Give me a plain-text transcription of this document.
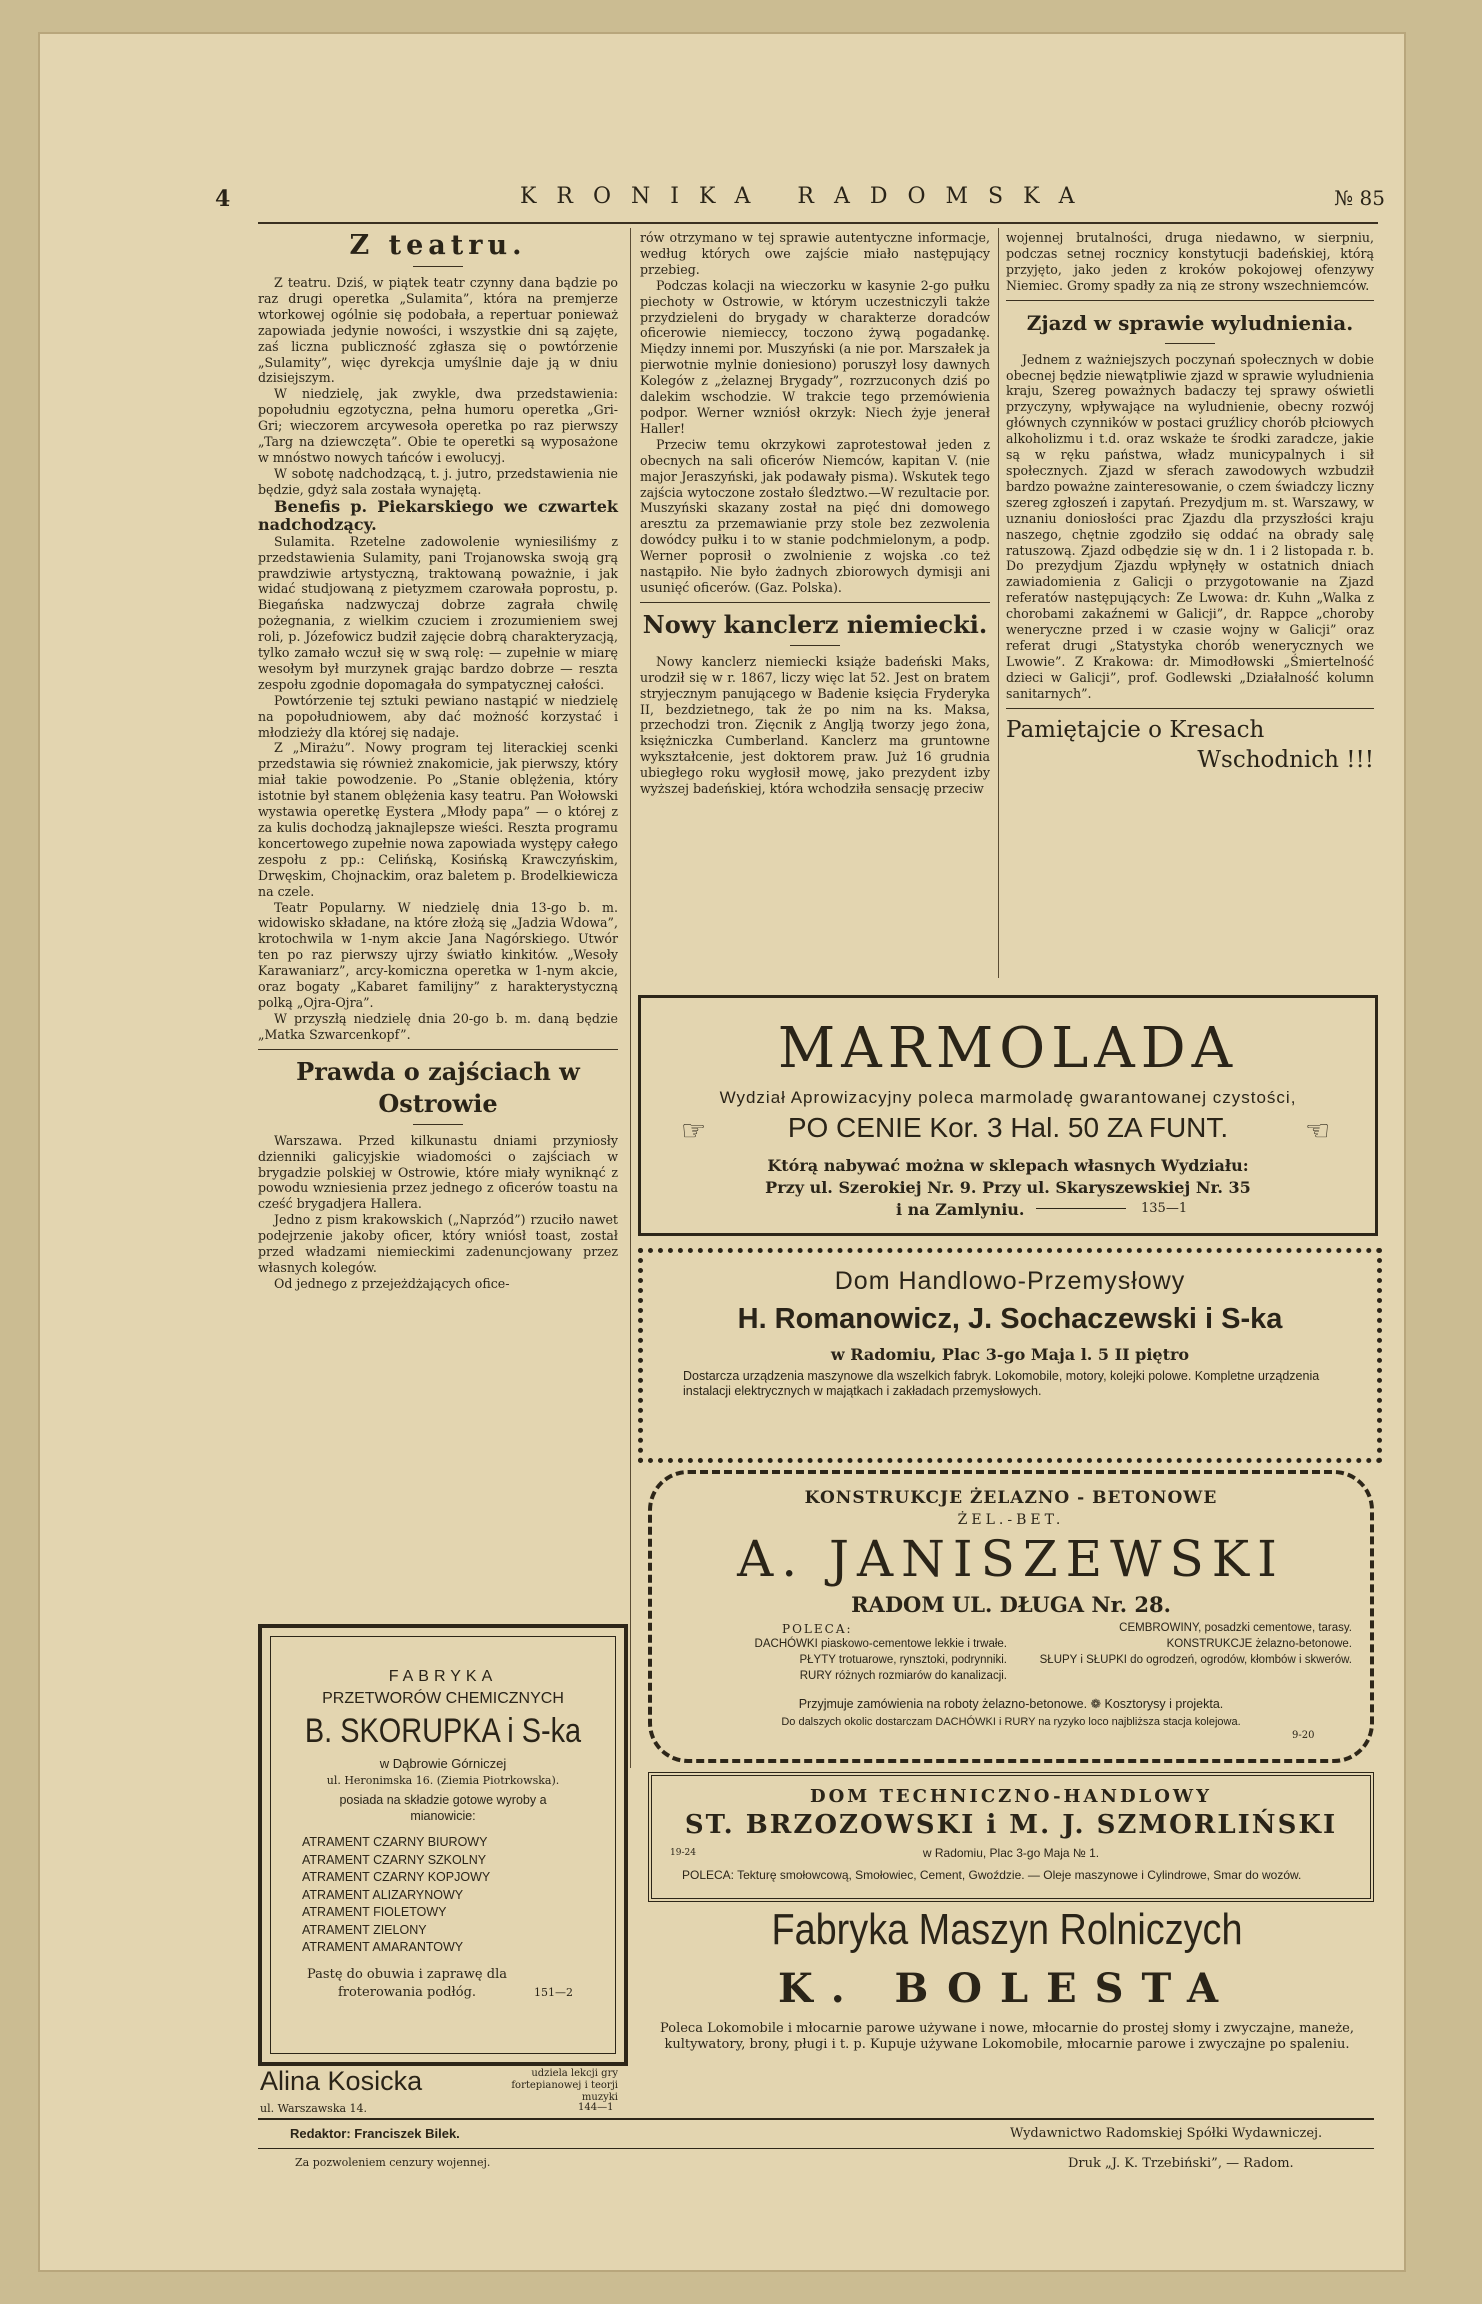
4	KRONIKA RADOMSKA	№ 85
Z teatru.

Z teatru. Dziś, w piątek teatr czynny dana bądzie po raz drugi operetka „Sulamita”, która na premjerze wtorkowej ogólnie się podobała, a repertuar ponieważ zapowiada jedynie nowości, i wszystkie dni są zajęte, zaś liczna publiczność zgłasza się o powtórzenie „Sulamity”, więc dyrekcja umyślnie daje ją w dniu dzisiejszym.

W niedzielę, jak zwykle, dwa przedstawienia: popołudniu egzotyczna, pełna humoru operetka „Gri-Gri; wieczorem arcywesoła operetka po raz pierwszy „Targ na dziewczęta”. Obie te operetki są wyposażone w mnóstwo nowych tańców i ewolucyj.

W sobotę nadchodzącą, t. j. jutro, przedstawienia nie będzie, gdyż sala została wynajętą.

Benefis p. Piekarskiego we czwartek nadchodzący.

Sulamita. Rzetelne zadowolenie wyniesiliśmy z przedstawienia Sulamity, pani Trojanowska swoją grą prawdziwie artystyczną, traktowaną poważnie, i jak widać studjowaną z pietyzmem czarowała poprostu, p. Biegańska nadzwyczaj dobrze zagrała chwilę pożegnania, z wielkim czuciem i zrozumieniem swej roli, p. Józefowicz budził zajęcie dobrą charakteryzacją, tylko zamało wczuł się w swą rolę: — zupełnie w miarę wesołym był murzynek grając bardzo dobrze — reszta zespołu zgodnie dopomagała do sympatycznej całości.

Powtórzenie tej sztuki pewiano nastąpić w niedzielę na popołudniowem, aby dać możność korzystać i młodzieży dla której się nadaje.

Z „Mirażu”. Nowy program tej literackiej scenki przedstawia się również znakomicie, jak pierwszy, który miał takie powodzenie. Po „Stanie oblężenia, który istotnie był stanem oblężenia kasy teatru. Pan Wołowski wystawia operetkę Eystera „Młody papa” — o której z za kulis dochodzą jaknajlepsze wieści. Reszta programu koncertowego zupełnie nowa zapowiada występy całego zespołu z pp.: Celińską, Kosińską Krawczyńskim, Drwęskim, Chojnackim, oraz baletem p. Brodelkiewicza na czele.

Teatr Popularny. W niedzielę dnia 13-go b. m. widowisko składane, na które złożą się „Jadzia Wdowa”, krotochwila w 1-nym akcie Jana Nagórskiego. Utwór ten po raz pierwszy ujrzy światło kinkitów. „Wesoły Karawaniarz”, arcy-komiczna operetka w 1-nym akcie, oraz bogaty „Kabaret familijny” z harakterystyczną polką „Ojra-Ojra”.

W przyszłą niedzielę dnia 20-go b. m. daną będzie „Matka Szwarcenkopf”.

Prawda o zajściach w Ostrowie

Warszawa. Przed kilkunastu dniami przyniosły dzienniki galicyjskie wiadomości o zajściach w brygadzie polskiej w Ostrowie, które miały wyniknąć z powodu wzniesienia przez jednego z oficerów toastu na cześć brygadjera Hallera.

Jedno z pism krakowskich („Naprzód”) rzuciło nawet podejrzenie jakoby oficer, który wniósł toast, został przed władzami niemieckimi zadenuncjowany przez własnych kolegów.

Od jednego z przejeżdżających ofice-

rów otrzymano w tej sprawie autentyczne informacje, według których owe zajście miało następujący przebieg.

Podczas kolacji na wieczorku w kasynie 2-go pułku piechoty w Ostrowie, w którym uczestniczyli także przydzieleni do brygady w charakterze doradców oficerowie niemieccy, toczono żywą pogadankę. Między innemi por. Muszyński (a nie por. Marszałek ja pierwotnie mylnie doniesiono) poruszył losy dawnych Kolegów z „żelaznej Brygady”, rozrzuconych dziś po dalekim wschodzie. W trakcie tego przemówienia podpor. Werner wzniósł okrzyk: Niech żyje jenerał Haller!

Przeciw temu okrzykowi zaprotestował jeden z obecnych na sali oficerów Niemców, kapitan V. (nie major Jeraszyński, jak podawały pisma). Wskutek tego zajścia wytoczone zostało śledztwo.—W rezultacie por. Muszyński skazany został na pięć dni domowego aresztu za przemawianie przy stole bez zezwolenia dowódcy pułku i to w stanie podchmielonym, a podp. Werner poprosił o zwolnienie z wojska .co też nastąpiło. Nie było żadnych zbiorowych dymisji ani usunięć oficerów. (Gaz. Polska).

Nowy kanclerz niemiecki.

Nowy kanclerz niemiecki książe badeński Maks, urodził się w r. 1867, liczy więc lat 52. Jest on bratem stryjecznym panującego w Badenie księcia Fryderyka II, bezdzietnego, tak że po nim na ks. Maksa, przechodzi tron. Zięcnik z Anglją tworzy jego żona, księżniczka Cumberland. Kanclerz ma gruntowne wykształcenie, jest doktorem praw. Już 16 grudnia ubiegłego roku wygłosił mowę, jako prezydent izby wyższej badeńskiej, która wchodziła sensację przeciw

wojennej brutalności, druga niedawno, w sierpniu, podczas setnej rocznicy konstytucji badeńskiej, którą przyjęto, jako jeden z kroków pokojowej ofenzywy Niemiec. Gromy spadły za nią ze strony wszechniemców.

Zjazd w sprawie wyludnienia.

Jednem z ważniejszych poczynań społecznych w dobie obecnej będzie niewątpliwie zjazd w sprawie wyludnienia kraju, Szereg poważnych badaczy tej sprawy oświetli przyczyny, wpływające na wyludnienie, obecny rozwój głównych czynników w postaci gruźlicy chorób płciowych alkoholizmu i t.d. oraz wskaże te środki zaradcze, jakie są w ręku państwa, władz municypalnych i sił społecznych. Zjazd w sferach zawodowych wzbudził bardzo poważne zainteresowanie, o czem świadczy liczny szereg zgłoszeń i zapytań. Prezydjum m. st. Warszawy, w uznaniu doniosłości prac Zjazdu dla przyszłości kraju naszego, chętnie zgodziło się oddać na obrady salę ratuszową. Zjazd odbędzie się w dn. 1 i 2 listopada r. b. Do prezydjum Zjazdu wpłynęły w ostatnich dniach zawiadomienia z Galicji o przygotowanie na Zjazd referatów następujących: Ze Lwowa: dr. Kuhn „Walka z chorobami zakaźnemi w Galicji”, dr. Rappce „choroby weneryczne przed i w czasie wojny w Galicji” oraz referat drugi „Statystyka chorób wenerycznych we Lwowie”. Z Krakowa: dr. Mimodłowski „Śmiertelność dzieci w Galicji”, prof. Godlewski „Działalność kolumn sanitarnych”.

Pamiętajcie o Kresach
Wschodnich !!!
MARMOLADA
Wydział Aprowizacyjny poleca marmoladę gwarantowanej czystości,
☞	PO CENIE Kor. 3 Hal. 50 ZA FUNT.	☞
Którą nabywać można w sklepach własnych Wydziału:
Przy ul. Szerokiej Nr. 9. Przy ul. Skaryszewskiej Nr. 35
i na Zamlyniu.	135—1
Dom Handlowo-Przemysłowy
H. Romanowicz, J. Sochaczewski i S-ka
w Radomiu, Plac 3-go Maja l. 5 II piętro
Dostarcza urządzenia maszynowe dla wszelkich fabryk. Lokomobile, motory, kolejki polowe. Kompletne urządzenia instalacji elektrycznych w majątkach i zakładach przemysłowych.
KONSTRUKCJE ŻELAZNO - BETONOWE
ŻEL.-BET.
A. JANISZEWSKI
RADOM UL. DŁUGA Nr. 28.
POLECA:
DACHÓWKI piaskowo-cementowe lekkie i trwałe.
PŁYTY trotuarowe, rynsztoki, podrynniki.
RURY różnych rozmiarów do kanalizacji.
CEMBROWINY, posadzki cementowe, tarasy.
KONSTRUKCJE żelazno-betonowe.
SŁUPY i SŁUPKI do ogrodzeń, ogrodów, kłombów i skwerów.
Przyjmuje zamówienia na roboty żelazno-betonowe. ❁ Kosztorysy i projekta.
Do dalszych okolic dostarczam DACHÓWKI i RURY na ryzyko loco najbliższa stacja kolejowa.
9-20
DOM TECHNICZNO-HANDLOWY
ST. BRZOZOWSKI i M. J. SZMORLIŃSKI
19-24	w Radomiu, Plac 3-go Maja № 1.
POLECA: Tekturę smołowcową, Smołowiec, Cement, Gwoździe. — Oleje maszynowe i Cylindrowe, Smar do wozów.
Fabryka Maszyn Rolniczych
K. BOLESTA
Poleca Lokomobile i młocarnie parowe używane i nowe, młocarnie do prostej słomy i zwyczajne, maneże, kultywatory, brony, pługi i t. p. Kupuje używane Lokomobile, młocarnie parowe i zwyczajne po spaleniu.
FABRYKA
PRZETWORÓW CHEMICZNYCH
B. SKORUPKA i S-ka
w Dąbrowie Górniczej
ul. Heronimska 16. (Ziemia Piotrkowska).
posiada na składzie gotowe wyroby a mianowicie:
ATRAMENT CZARNY BIUROWY
ATRAMENT CZARNY SZKOLNY
ATRAMENT CZARNY KOPJOWY
ATRAMENT ALIZARYNOWY
ATRAMENT FIOLETOWY
ATRAMENT ZIELONY
ATRAMENT AMARANTOWY
Pastę do obuwia i zaprawę dla froterowania podłóg.	151—2
Alina Kosicka	udziela lekcji gry fortepianowej i teorji muzyki
ul. Warszawska 14.	144—1
Redaktor: Franciszek Bilek.	Wydawnictwo Radomskiej Spółki Wydawniczej.
Za pozwoleniem cenzury wojennej.	Druk „J. K. Trzebiński”, — Radom.
